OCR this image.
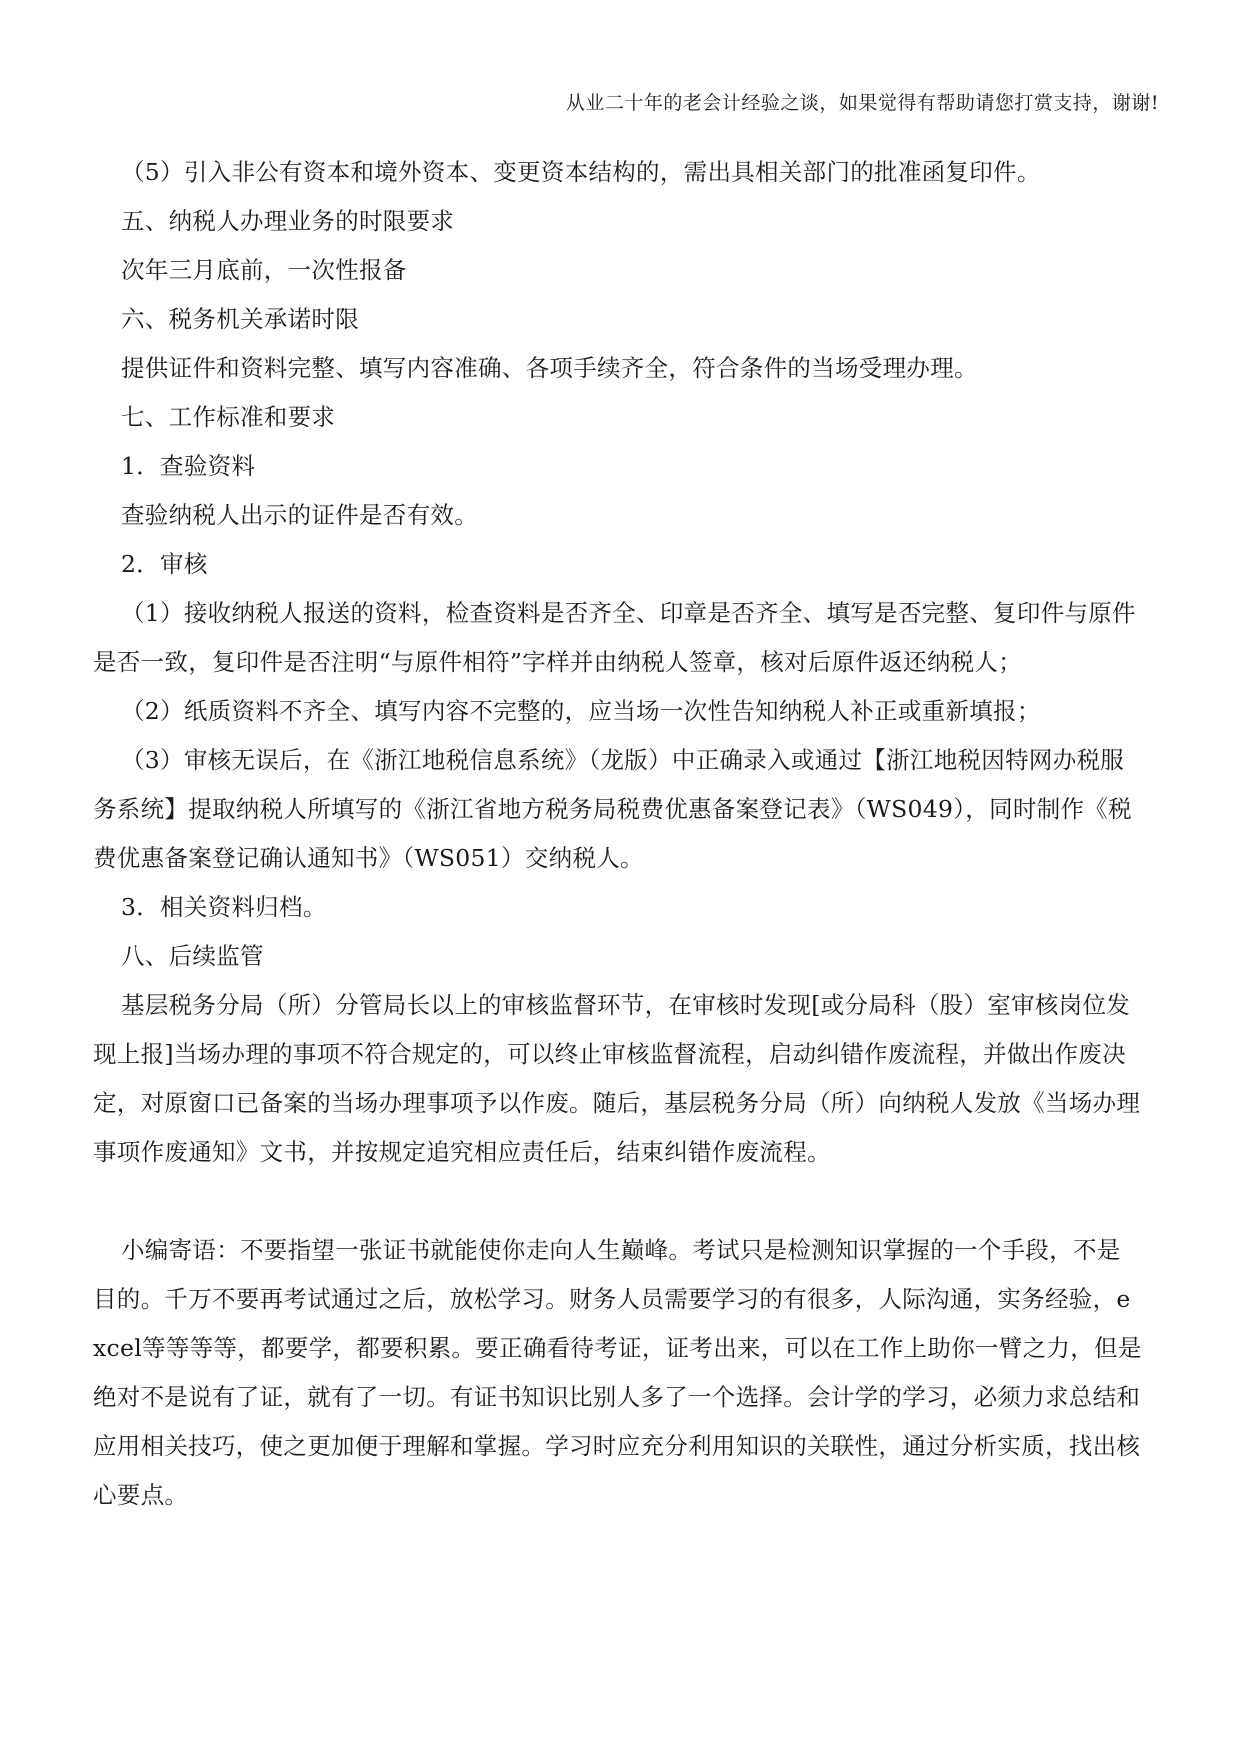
从业二十年的老会计经验之谈，如果觉得有帮助请您打赏支持，谢谢!

（5）引入非公有资本和境外资本、变更资本结构的，需出具相关部门的批准函复印件。

五、纳税人办理业务的时限要求

次年三月底前，一次性报备

六、税务机关承诺时限

提供证件和资料完整、填写内容准确、各项手续齐全，符合条件的当场受理办理。

七、工作标准和要求

1．查验资料

查验纳税人出示的证件是否有效。

2．审核

（1）接收纳税人报送的资料，检查资料是否齐全、印章是否齐全、填写是否完整、复印件与原件是否一致，复印件是否注明“与原件相符”字样并由纳税人签章，核对后原件返还纳税人；

（2）纸质资料不齐全、填写内容不完整的，应当场一次性告知纳税人补正或重新填报；

（3）审核无误后，在《浙江地税信息系统》（龙版）中正确录入或通过【浙江地税因特网办税服务系统】提取纳税人所填写的《浙江省地方税务局税费优惠备案登记表》（WS049），同时制作《税费优惠备案登记确认通知书》（WS051）交纳税人。

3．相关资料归档。

八、后续监管

基层税务分局（所）分管局长以上的审核监督环节，在审核时发现[或分局科（股）室审核岗位发现上报]当场办理的事项不符合规定的，可以终止审核监督流程，启动纠错作废流程，并做出作废决定，对原窗口已备案的当场办理事项予以作废。随后，基层税务分局（所）向纳税人发放《当场办理事项作废通知》文书，并按规定追究相应责任后，结束纠错作废流程。

小编寄语：不要指望一张证书就能使你走向人生巅峰。考试只是检测知识掌握的一个手段，不是目的。千万不要再考试通过之后，放松学习。财务人员需要学习的有很多，人际沟通，实务经验，excel等等等等，都要学，都要积累。要正确看待考证，证考出来，可以在工作上助你一臂之力，但是绝对不是说有了证，就有了一切。有证书知识比别人多了一个选择。会计学的学习，必须力求总结和应用相关技巧，使之更加便于理解和掌握。学习时应充分利用知识的关联性，通过分析实质，找出核心要点。
